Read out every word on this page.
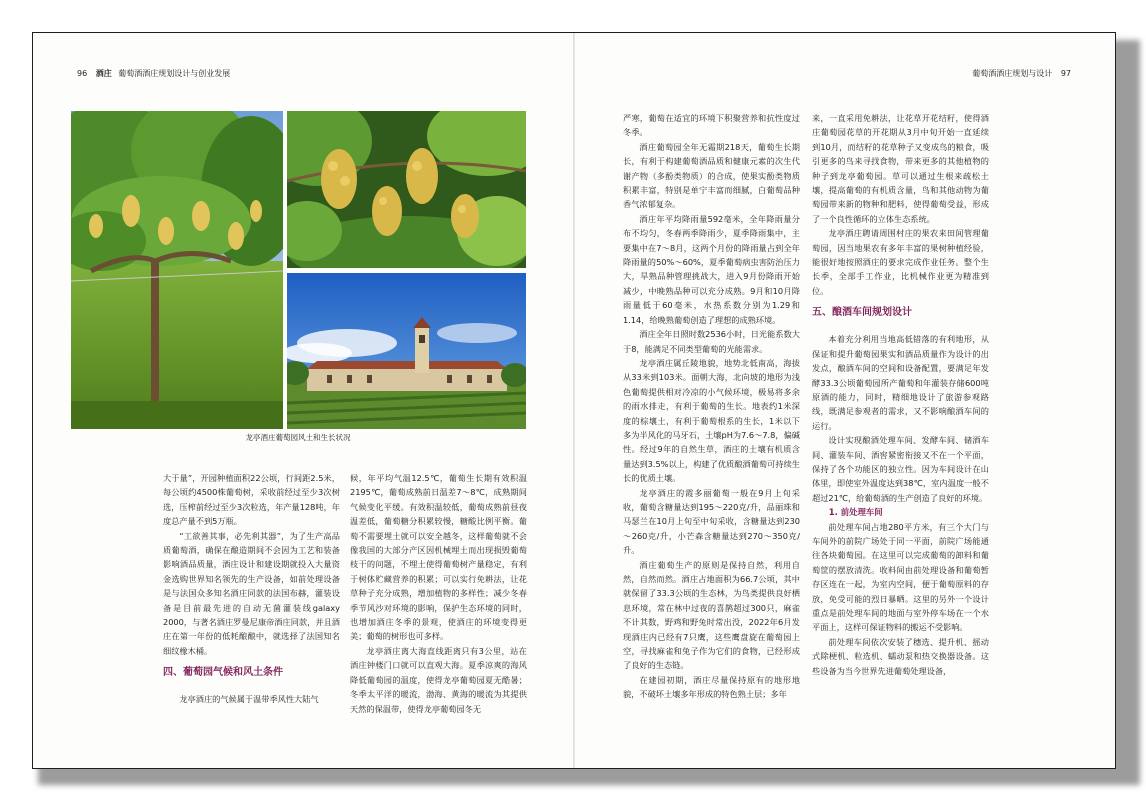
96 酒庄 葡萄酒酒庄规划设计与创业发展	葡萄酒酒庄规划与设计 97
龙亭酒庄葡萄园风土和生长状况

大于量”，开园种植面积22公顷，行间距2.5米，每公顷约4500株葡萄树，采收前经过至少3次树选，压榨前经过至少3次粒选，年产量128吨，年度总产量不到5万瓶。

“工欲善其事，必先利其器”，为了生产高品质葡萄酒，确保在酿造期间不会因为工艺和装备影响酒品质量，酒庄设计和建设期就投入大量资金选购世界知名领先的生产设备，如前处理设备是与法国众多知名酒庄同款的法国布赫，灌装设备是目前最先进的自动无菌灌装线galaxy 2000，与著名酒庄罗曼尼康帝酒庄同款，并且酒庄在第一年份的低耗酿酿中，就选择了法国知名细纹橡木桶。

四、葡萄园气候和风土条件

龙亭酒庄的气候属于温带季风性大陆气

候，年平均气温12.5℃，葡萄生长期有效积温2195℃，葡萄成熟前日温差7～8℃，成熟期间气候变化平缓。有效积温较低，葡萄成熟前昼夜温差低，葡萄糖分积累较慢，糖酸比例平衡。葡萄不需要埋土就可以安全越冬，这样葡萄就不会像我国的大部分产区因机械埋土而出现损毁葡萄枝干的问题，不埋土使得葡萄树产量稳定，有利于树体贮藏营养的积累；可以实行免耕法，让花草种子充分成熟，增加植物的多样性；减少冬春季节风沙对环境的影响，保护生态环境的同时，也增加酒庄冬季的景观，使酒庄的环境变得更美；葡萄的树形也可多样。

龙亭酒庄离大海直线距离只有3公里，站在酒庄钟楼门口就可以直观大海。夏季凉爽的海风降低葡萄园的温度，使得龙亭葡萄园夏无酷暑；冬季太平洋的暖流，渤海、黄海的暖流为其提供天然的保温带，使得龙亭葡萄园冬无

严寒，葡萄在适宜的环境下积聚营养和抗性度过冬季。

酒庄葡萄园全年无霜期218天，葡萄生长期长，有利于构建葡萄酒品质和健康元素的次生代谢产物（多酚类物质）的合成，使果实酚类物质积累丰富，特别是单宁丰富而细腻，白葡萄品种香气浓郁复杂。

酒庄年平均降雨量592毫米，全年降雨量分布不均匀，冬春两季降雨少，夏季降雨集中，主要集中在7～8月，这两个月份的降雨量占到全年降雨量的50%～60%，夏季葡萄病虫害防治压力大，旱熟品种管理挑战大，进入9月份降雨开始减少，中晚熟品种可以充分成熟。9月和10月降雨量低于60毫米，水热系数分别为1.29和1.14，给晚熟葡萄创造了理想的成熟环境。

酒庄全年日照时数2536小时，日光能系数大于8，能满足不同类型葡萄的光能需求。

龙亭酒庄属丘陵地貌，地势北低南高，海拔从33米到103米。面朝大海，北向坡的地形为浅色葡萄提供相对冷凉的小气候环境，极易将多余的雨水排走，有利于葡萄的生长。地表约1米深度的棕壤土，有利于葡萄根系的生长，1米以下多为半风化的马牙石，土壤pH为7.6～7.8，偏碱性。经过9年的自然生草，酒庄的土壤有机质含量达到3.5%以上，构建了优质酿酒葡萄可持续生长的优质土壤。

龙亭酒庄的霞多丽葡萄一般在9月上旬采收，葡萄含糖量达到195～220克/升，品丽珠和马瑟兰在10月上旬至中旬采收，含糖量达到230～260克/升，小芒森含糖量达到270～350克/升。

酒庄葡萄生产的原则是保持自然，利用自然，自然而然。酒庄占地面积为66.7公顷，其中就保留了33.3公顷的生态林，为鸟类提供良好栖息环境，常在林中过夜的喜鹊超过300只，麻雀不计其数，野鸡和野兔时常出没，2022年6月发现酒庄内已经有7只鹰，这些鹰盘旋在葡萄园上空，寻找麻雀和兔子作为它们的食物，已经形成了良好的生态链。

在建园初期，酒庄尽量保持原有的地形地貌，不破坏土壤多年形成的特色熟土层；多年

来，一直采用免耕法，让花草开花结籽，使得酒庄葡萄园花草的开花期从3月中旬开始一直延续到10月，而结籽的花草种子又变成鸟的粮食，吸引更多的鸟来寻找食物，带来更多的其他植物的种子到龙亭葡萄园。草可以通过生根来疏松土壤，提高葡萄的有机质含量，鸟和其他动物为葡萄园带来新的物种和肥料，使得葡萄受益，形成了一个良性循环的立体生态系统。

龙亭酒庄聘请周围村庄的果农来田间管理葡萄园，因当地果农有多年丰富的果树种植经验，能很好地按照酒庄的要求完成作业任务。整个生长季，全部手工作业，比机械作业更为精准到位。

五、酿酒车间规划设计

本着充分利用当地高低错落的有利地形，从保证和提升葡萄园果实和酒品质量作为设计的出发点，酿酒车间的空间和设备配置，要满足年发酵33.3公顷葡萄园所产葡萄和年灌装存储600吨原酒的能力，同时，精细地设计了旅游参观路线，既满足参观者的需求，又不影响酿酒车间的运行。

设计实现酿酒处理车间、发酵车间、储酒车间、灌装车间、酒窖紧密衔接又不在一个平面，保持了各个功能区的独立性。因为车间设计在山体里，即使室外温度达到38℃，室内温度一般不超过21℃，给葡萄酒的生产创造了良好的环境。

1. 前处理车间

前处理车间占地280平方米，有三个大门与车间外的前院广场处于同一平面，前院广场能通往各块葡萄园。在这里可以完成葡萄的卸料和葡萄筐的摆放清洗。收料间由前处理设备和葡萄暂存区连在一起，为室内空间，便于葡萄原料的存放，免受可能的烈日暴晒。这里的另外一个设计重点是前处理车间的地面与室外停车场在一个水平面上，这样可保证物料的搬运不受影响。

前处理车间依次安装了穗选、提升机、摇动式除梗机、粒选机、蠕动泵和热交换器设备。这些设备为当今世界先进葡萄处理设备，
